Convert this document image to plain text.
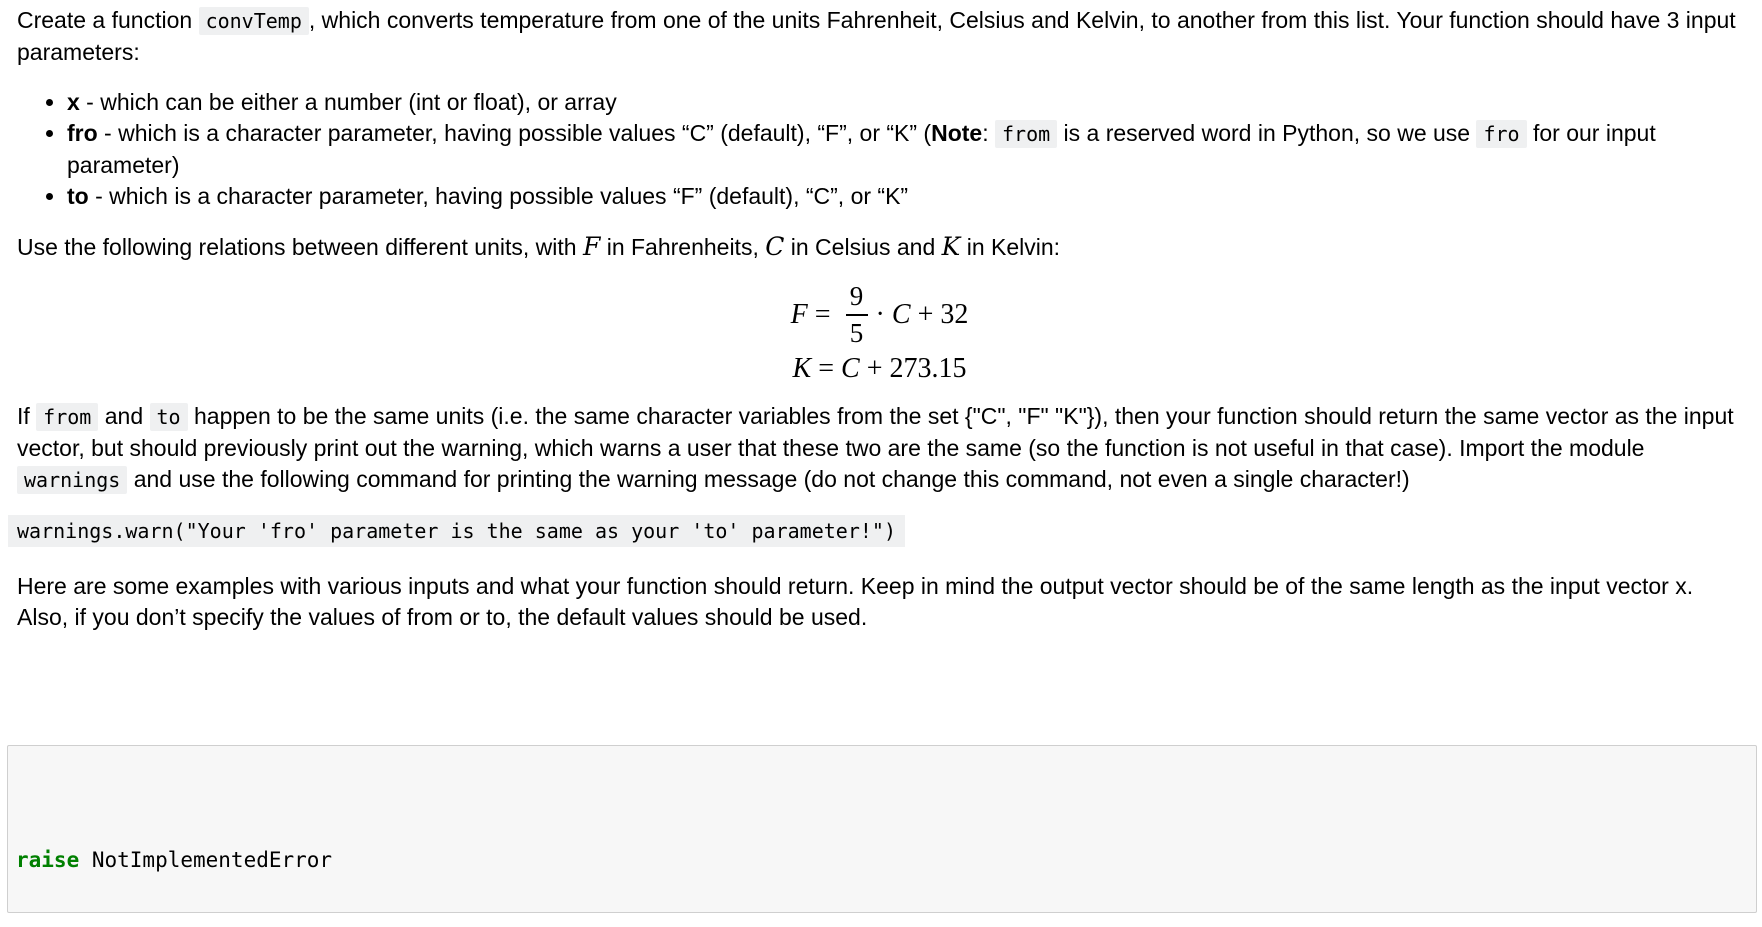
Create a function convTemp , which converts temperature from one of the units Fahrenheit, Celsius and Kelvin, to another from this list. Your function should have 3 input parameters:

• x - which can be either a number (int or float), or array
• fro - which is a character parameter, having possible values “C” (default), “F”, or “K” (Note: from is a reserved word in Python, so we use fro for our input parameter)
• to - which is a character parameter, having possible values “F” (default), “C”, or “K”

Use the following relations between different units, with F in Fahrenheits, C in Celsius and K in Kelvin:

$F = \frac{9}{5} \cdot C + 32$
K = C + 273.15

If from and to happen to be the same units (i.e. the same character variables from the set {"C", "F" "K"}), then your function should return the same vector as the input vector, but should previously print out the warning, which warns a user that these two are the same (so the function is not useful in that case). Import the module warnings and use the following command for printing the warning message (do not change this command, not even a single character!)

warnings.warn("Your 'fro' parameter is the same as your 'to' parameter!")

Here are some examples with various inputs and what your function should return. Keep in mind the output vector should be of the same length as the input vector x. Also, if you don’t specify the values of from or to, the default values should be used.

raise NotImplementedError
